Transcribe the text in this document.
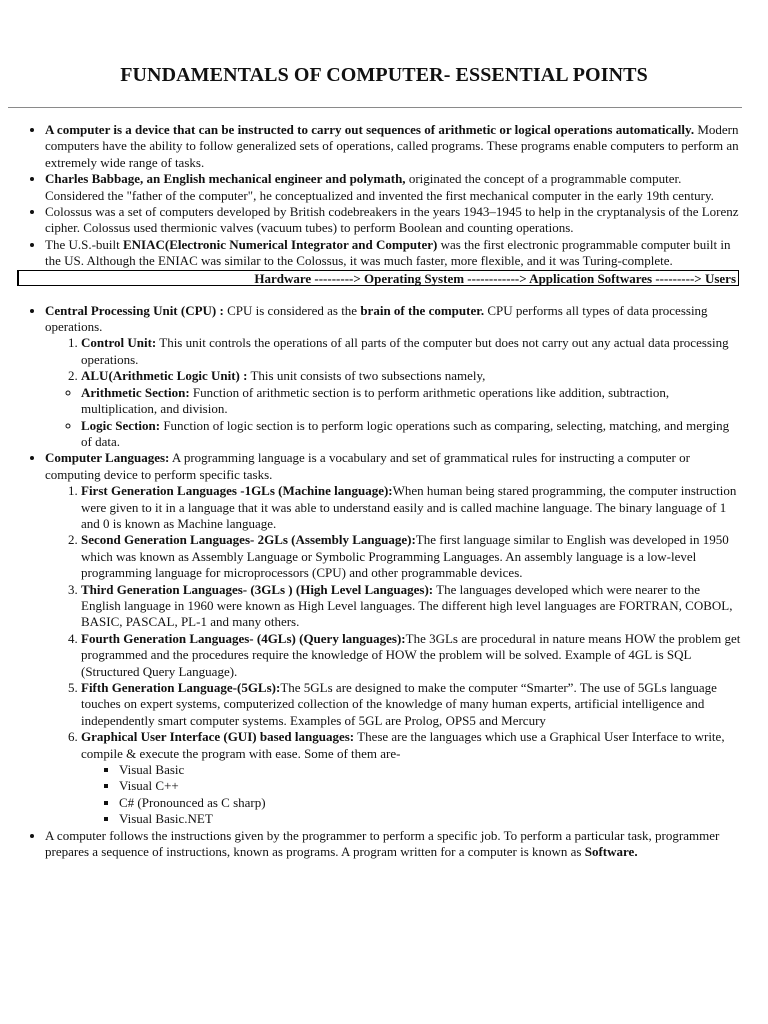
FUNDAMENTALS OF COMPUTER- ESSENTIAL POINTS
• A computer is a device that can be instructed to carry out sequences of arithmetic or logical operations automatically. Modern computers have the ability to follow generalized sets of operations, called programs. These programs enable computers to perform an extremely wide range of tasks.
• Charles Babbage, an English mechanical engineer and polymath, originated the concept of a programmable computer. Considered the "father of the computer", he conceptualized and invented the first mechanical computer in the early 19th century.
• Colossus was a set of computers developed by British codebreakers in the years 1943–1945 to help in the cryptanalysis of the Lorenz cipher. Colossus used thermionic valves (vacuum tubes) to perform Boolean and counting operations.
• The U.S.-built ENIAC(Electronic Numerical Integrator and Computer) was the first electronic programmable computer built in the US. Although the ENIAC was similar to the Colossus, it was much faster, more flexible, and it was Turing-complete.
Hardware ---------> Operating System ------------> Application Softwares ---------> Users
• Central Processing Unit (CPU) : CPU is considered as the brain of the computer. CPU performs all types of data processing operations.
1. Control Unit: This unit controls the operations of all parts of the computer but does not carry out any actual data processing operations.
2. ALU(Arithmetic Logic Unit) : This unit consists of two subsections namely,
◦ Arithmetic Section: Function of arithmetic section is to perform arithmetic operations like addition, subtraction, multiplication, and division.
◦ Logic Section: Function of logic section is to perform logic operations such as comparing, selecting, matching, and merging of data.
• Computer Languages: A programming language is a vocabulary and set of grammatical rules for instructing a computer or computing device to perform specific tasks.
1. First Generation Languages -1GLs (Machine language):When human being stared programming, the computer instruction were given to it in a language that it was able to understand easily and is called machine language. The binary language of 1 and 0 is known as Machine language.
2. Second Generation Languages- 2GLs (Assembly Language):The first language similar to English was developed in 1950 which was known as Assembly Language or Symbolic Programming Languages. An assembly language is a low-level programming language for microprocessors (CPU) and other programmable devices.
3. Third Generation Languages- (3GLs ) (High Level Languages): The languages developed which were nearer to the English language in 1960 were known as High Level languages. The different high level languages are FORTRAN, COBOL, BASIC, PASCAL, PL-1 and many others.
4. Fourth Generation Languages- (4GLs) (Query languages):The 3GLs are procedural in nature means HOW the problem get programmed and the procedures require the knowledge of HOW the problem will be solved. Example of 4GL is SQL (Structured Query Language).
5. Fifth Generation Language-(5GLs):The 5GLs are designed to make the computer “Smarter”. The use of 5GLs language touches on expert systems, computerized collection of the knowledge of many human experts, artificial intelligence and independently smart computer systems. Examples of 5GL are Prolog, OPS5 and Mercury
6. Graphical User Interface (GUI) based languages: These are the languages which use a Graphical User Interface to write, compile & execute the program with ease. Some of them are-
▪ Visual Basic
▪ Visual C++
▪ C# (Pronounced as C sharp)
▪ Visual Basic.NET
• A computer follows the instructions given by the programmer to perform a specific job. To perform a particular task, programmer prepares a sequence of instructions, known as programs. A program written for a computer is known as Software.
